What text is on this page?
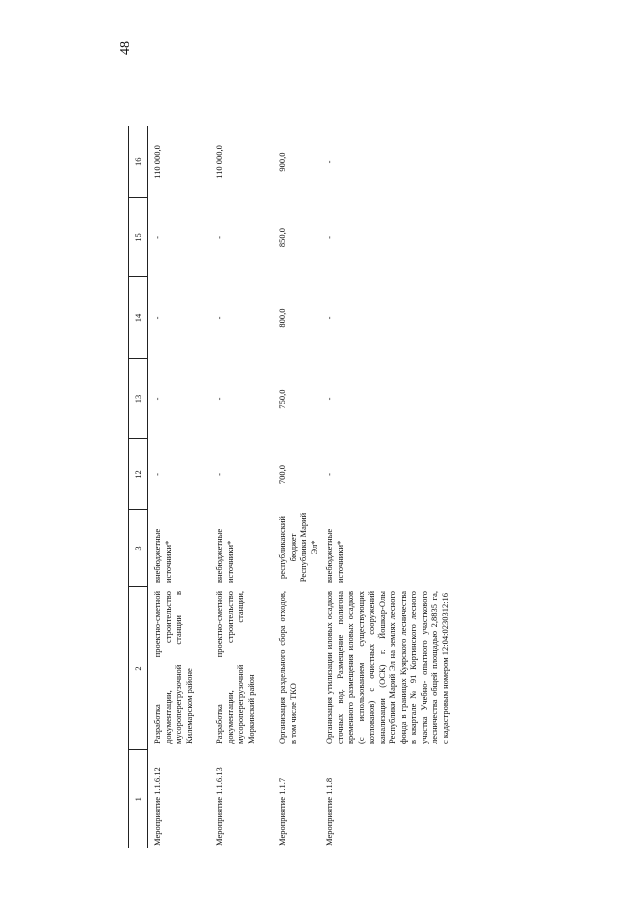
48
1	2	3	12	13	14	15	16
Мероприятие 1.1.6.12	Разработка проектно-сметной документации, строительство мусороперегрузочной станции в Килемарском районе	внебюджетные источники*	-	-	-	-	110 000,0
Мероприятие 1.1.6.13	Разработка проектно-сметной документации, строительство мусороперегрузочной станции, Моркинский район	внебюджетные источники*	-	-	-	-	110 000,0
Мероприятие 1.1.7	Организация раздельного сбора отходов, в том числе ТКО	республиканский бюджет Республики Марий Эл*	700,0	750,0	800,0	850,0	900,0
Мероприятие 1.1.8	Организация утилизации иловых осадков сточных вод. Размещение полигона временного размещения иловых осадков (с использованием существующих котлованов) с очистных сооружений канализации (ОСК) г. Йошкар-Олы Республики Марий Эл на землях лесного фонда в границах Куярского лесничества в квартале № 91 Кортинского лесного участка Учебно- опытного участкового лесничества общей площадью 2,8835 га, с кадастровым номером 12:04:0230312:16	внебюджетные источники*	-	-	-	-	-
